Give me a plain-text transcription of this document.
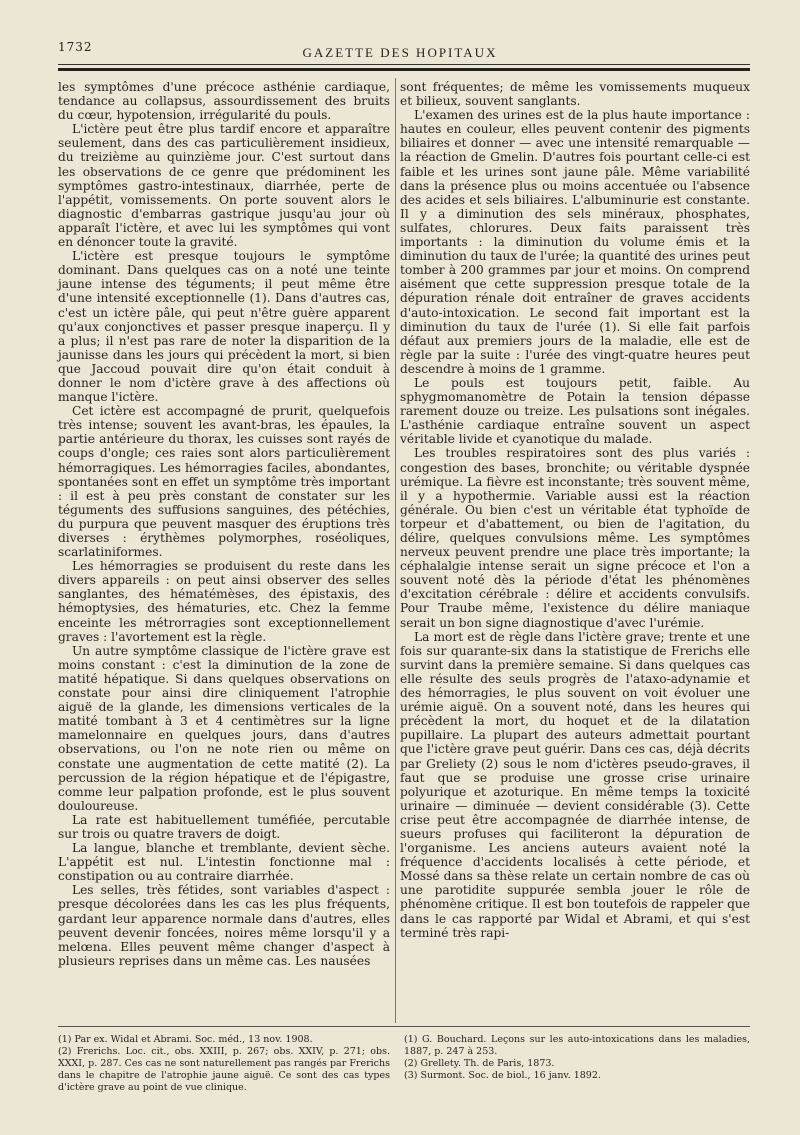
1732	GAZETTE DES HOPITAUX

les symptômes d'une précoce asthénie cardiaque, tendance au collapsus, assourdissement des bruits du cœur, hypotension, irrégularité du pouls.

L'ictère peut être plus tardif encore et apparaître seulement, dans des cas particulièrement insidieux, du treizième au quinzième jour. C'est surtout dans les observations de ce genre que prédominent les symptômes gastro-intestinaux, diarrhée, perte de l'appétit, vomissements. On porte souvent alors le diagnostic d'embarras gastrique jusqu'au jour où apparaît l'ictère, et avec lui les symptômes qui vont en dénoncer toute la gravité.

L'ictère est presque toujours le symptôme dominant. Dans quelques cas on a noté une teinte jaune intense des téguments; il peut même être d'une intensité exceptionnelle (1). Dans d'autres cas, c'est un ictère pâle, qui peut n'être guère apparent qu'aux conjonctives et passer presque inaperçu. Il y a plus; il n'est pas rare de noter la disparition de la jaunisse dans les jours qui précèdent la mort, si bien que Jaccoud pouvait dire qu'on était conduit à donner le nom d'ictère grave à des affections où manque l'ictère.

Cet ictère est accompagné de prurit, quelquefois très intense; souvent les avant-bras, les épaules, la partie antérieure du thorax, les cuisses sont rayés de coups d'ongle; ces raies sont alors particulièrement hémorragiques. Les hémorragies faciles, abondantes, spontanées sont en effet un symptôme très important : il est à peu près constant de constater sur les téguments des suffusions sanguines, des pétéchies, du purpura que peuvent masquer des éruptions très diverses : érythèmes polymorphes, roséoliques, scarlatiniformes.

Les hémorragies se produisent du reste dans les divers appareils : on peut ainsi observer des selles sanglantes, des hématémèses, des épistaxis, des hémoptysies, des hématuries, etc. Chez la femme enceinte les métrorragies sont exceptionnellement graves : l'avortement est la règle.

Un autre symptôme classique de l'ictère grave est moins constant : c'est la diminution de la zone de matité hépatique. Si dans quelques observations on constate pour ainsi dire cliniquement l'atrophie aiguë de la glande, les dimensions verticales de la matité tombant à 3 et 4 centimètres sur la ligne mamelonnaire en quelques jours, dans d'autres observations, ou l'on ne note rien ou même on constate une augmentation de cette matité (2). La percussion de la région hépatique et de l'épigastre, comme leur palpation profonde, est le plus souvent douloureuse.

La rate est habituellement tuméfiée, percutable sur trois ou quatre travers de doigt.

La langue, blanche et tremblante, devient sèche. L'appétit est nul. L'intestin fonctionne mal : constipation ou au contraire diarrhée.

Les selles, très fétides, sont variables d'aspect : presque décolorées dans les cas les plus fréquents, gardant leur apparence normale dans d'autres, elles peuvent devenir foncées, noires même lorsqu'il y a melœna. Elles peuvent même changer d'aspect à plusieurs reprises dans un même cas. Les nausées

sont fréquentes; de même les vomissements muqueux et bilieux, souvent sanglants.

L'examen des urines est de la plus haute importance : hautes en couleur, elles peuvent contenir des pigments biliaires et donner — avec une intensité remarquable — la réaction de Gmelin. D'autres fois pourtant celle-ci est faible et les urines sont jaune pâle. Même variabilité dans la présence plus ou moins accentuée ou l'absence des acides et sels biliaires. L'albuminurie est constante. Il y a diminution des sels minéraux, phosphates, sulfates, chlorures. Deux faits paraissent très importants : la diminution du volume émis et la diminution du taux de l'urée; la quantité des urines peut tomber à 200 grammes par jour et moins. On comprend aisément que cette suppression presque totale de la dépuration rénale doit entraîner de graves accidents d'auto-intoxication. Le second fait important est la diminution du taux de l'urée (1). Si elle fait parfois défaut aux premiers jours de la maladie, elle est de règle par la suite : l'urée des vingt-quatre heures peut descendre à moins de 1 gramme.

Le pouls est toujours petit, faible. Au sphygmomanomètre de Potain la tension dépasse rarement douze ou treize. Les pulsations sont inégales. L'asthénie cardiaque entraîne souvent un aspect véritable livide et cyanotique du malade.

Les troubles respiratoires sont des plus variés : congestion des bases, bronchite; ou véritable dyspnée urémique. La fièvre est inconstante; très souvent même, il y a hypothermie. Variable aussi est la réaction générale. Ou bien c'est un véritable état typhoïde de torpeur et d'abattement, ou bien de l'agitation, du délire, quelques convulsions même. Les symptômes nerveux peuvent prendre une place très importante; la céphalalgie intense serait un signe précoce et l'on a souvent noté dès la période d'état les phénomènes d'excitation cérébrale : délire et accidents convulsifs. Pour Traube même, l'existence du délire maniaque serait un bon signe diagnostique d'avec l'urémie.

La mort est de règle dans l'ictère grave; trente et une fois sur quarante-six dans la statistique de Frerichs elle survint dans la première semaine. Si dans quelques cas elle résulte des seuls progrès de l'ataxo-adynamie et des hémorragies, le plus souvent on voit évoluer une urémie aiguë. On a souvent noté, dans les heures qui précèdent la mort, du hoquet et de la dilatation pupillaire. La plupart des auteurs admettait pourtant que l'ictère grave peut guérir. Dans ces cas, déjà décrits par Greliety (2) sous le nom d'ictères pseudo-graves, il faut que se produise une grosse crise urinaire polyurique et azoturique. En même temps la toxicité urinaire — diminuée — devient considérable (3). Cette crise peut être accompagnée de diarrhée intense, de sueurs profuses qui faciliteront la dépuration de l'organisme. Les anciens auteurs avaient noté la fréquence d'accidents localisés à cette période, et Mossé dans sa thèse relate un certain nombre de cas où une parotidite suppurée sembla jouer le rôle de phénomène critique. Il est bon toutefois de rappeler que dans le cas rapporté par Widal et Abrami, et qui s'est terminé très rapi-

(1) Par ex. Widal et Abrami. Soc. méd., 13 nov. 1908.
(2) Frerichs. Loc. cit., obs. XXIII, p. 267; obs. XXIV, p. 271; obs. XXXI, p. 287. Ces cas ne sont naturellement pas rangés par Frerichs dans le chapitre de l'atrophie jaune aiguë. Ce sont des cas types d'ictère grave au point de vue clinique.
(1) G. Bouchard. Leçons sur les auto-intoxications dans les maladies, 1887, p. 247 à 253.
(2) Grellety. Th. de Paris, 1873.
(3) Surmont. Soc. de biol., 16 janv. 1892.
